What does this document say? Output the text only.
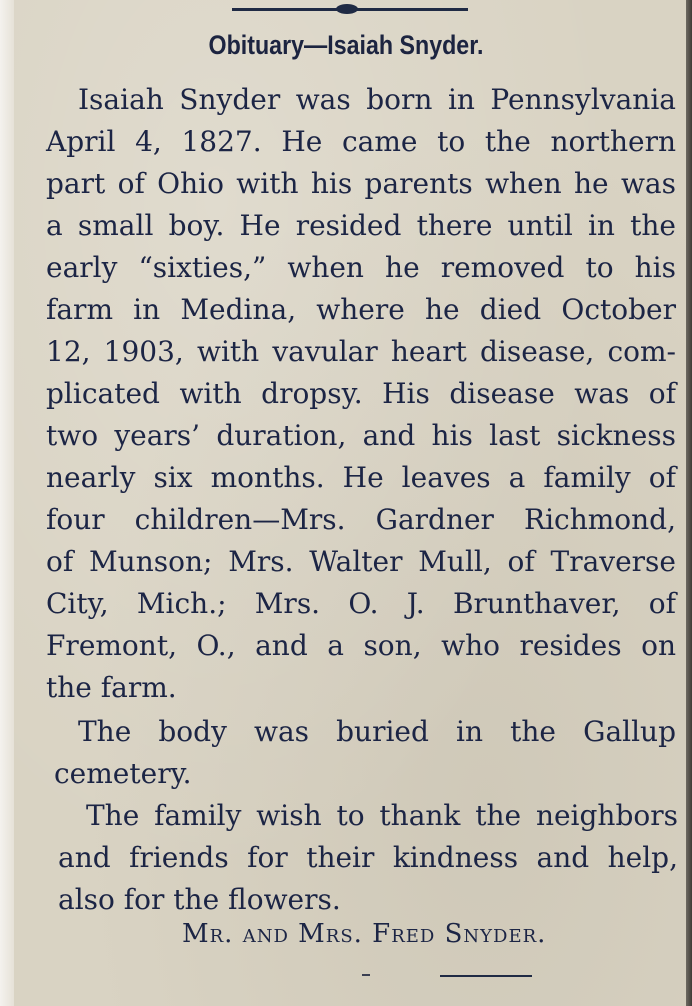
Obituary—Isaiah Snyder.

Isaiah Snyder was born in Pennsylvania

April 4, 1827. He came to the northern

part of Ohio with his parents when he was

a small boy. He resided there until in the

early “sixties,” when he removed to his

farm in Medina, where he died October

12, 1903, with vavular heart disease, com-

plicated with dropsy. His disease was of

two years’ duration, and his last sickness

nearly six months. He leaves a family of

four children—Mrs. Gardner Richmond,

of Munson; Mrs. Walter Mull, of Traverse

City, Mich.; Mrs. O. J. Brunthaver, of

Fremont, O., and a son, who resides on

the farm.

The body was buried in the Gallup

cemetery.

The family wish to thank the neighbors

and friends for their kindness and help,

also for the flowers.

Mr. and Mrs. Fred Snyder.
